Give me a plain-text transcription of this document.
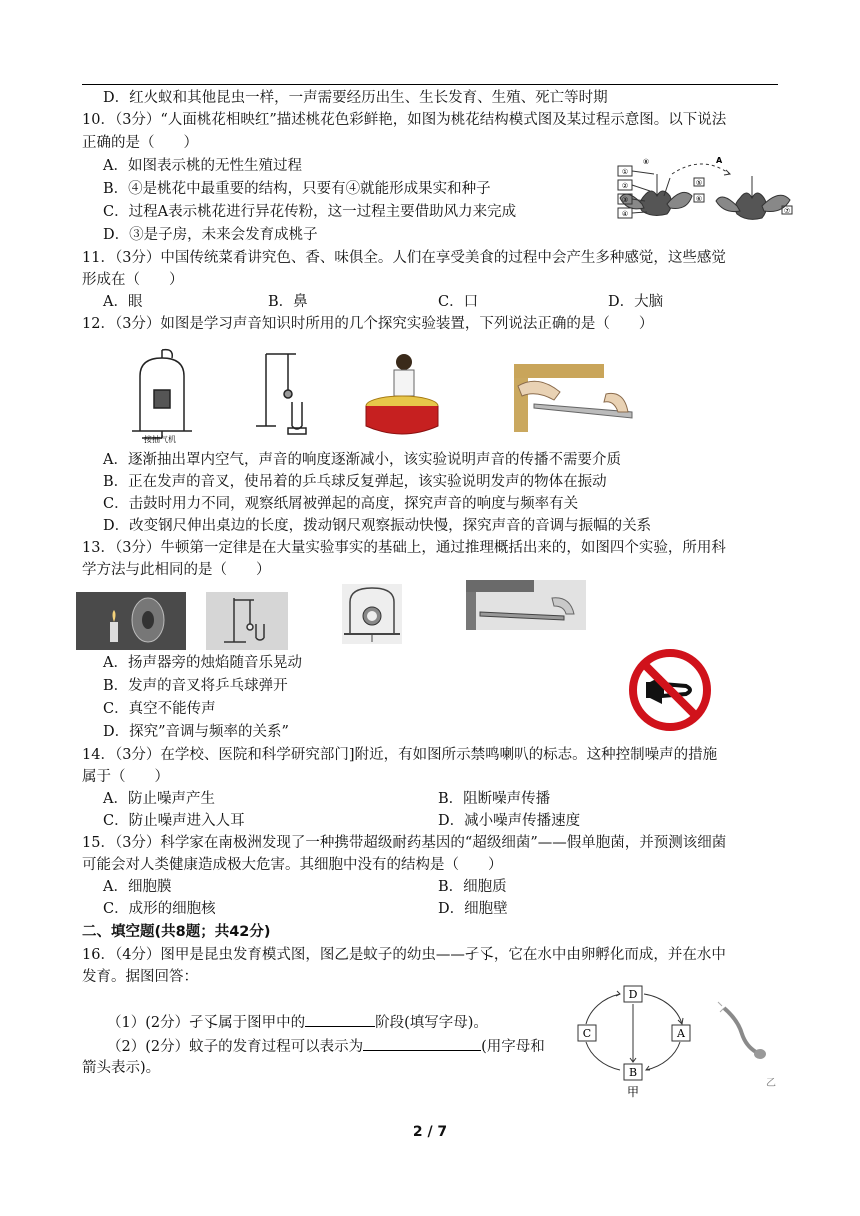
D．红火蚁和其他昆虫一样，一声需要经历出生、生长发育、生殖、死亡等时期
10．（3分）“人面桃花相映红”描述桃花色彩鲜艳，如图为桃花结构模式图及某过程示意图。以下说法
正确的是（　　）
A．如图表示桃的无性生殖过程
B．④是桃花中最重要的结构，只要有④就能形成果实和种子
C．过程A表示桃花进行异花传粉，这一过程主要借助风力来完成
D．③是子房，未来会发育成桃子
A
①
②
③
④
⑤
⑥
⑦
⑧
11．（3分）中国传统菜肴讲究色、香、味俱全。人们在享受美食的过程中会产生多种感觉，这些感觉
形成在（　　）
A．眼	B．鼻	C．口	D．大脑
12．（3分）如图是学习声音知识时所用的几个探究实验装置，下列说法正确的是（　　）
接抽气机
A．逐渐抽出罩内空气，声音的响度逐渐减小，该实验说明声音的传播不需要介质
B．正在发声的音叉，使吊着的乒乓球反复弹起，该实验说明发声的物体在振动
C．击鼓时用力不同，观察纸屑被弹起的高度，探究声音的响度与频率有关
D．改变钢尺伸出桌边的长度，拨动钢尺观察振动快慢，探究声音的音调与振幅的关系
13．（3分）牛顿第一定律是在大量实验事实的基础上，通过推理概括出来的，如图四个实验，所用科
学方法与此相同的是（　　）
A．扬声器旁的烛焰随音乐晃动
B．发声的音叉将乒乓球弹开
C．真空不能传声
D．探究”音调与频率的关系”
14．（3分）在学校、医院和科学研究部门]附近，有如图所示禁鸣喇叭的标志。这种控制噪声的措施
属于（　　）
A．防止噪声产生	B．阻断噪声传播
C．防止噪声进入人耳	D．减小噪声传播速度
15．（3分）科学家在南极洲发现了一种携带超级耐药基因的“超级细菌”——假单胞菌，并预测该细菌
可能会对人类健康造成极大危害。其细胞中没有的结构是（　　）
A．细胞膜	B．细胞质
C．成形的细胞核	D．细胞壁
二、填空题(共8题；共42分)
16．（4分）图甲是昆虫发育模式图，图乙是蚊子的幼虫——孑孓，它在水中由卵孵化而成，并在水中
发育。据图回答：
（1）(2分）孑孓属于图甲中的	阶段(填写字母)。
（2）(2分）蚊子的发育过程可以表示为	(用字母和
箭头表示)。
D
A
B
C
甲
乙
2 / 7
